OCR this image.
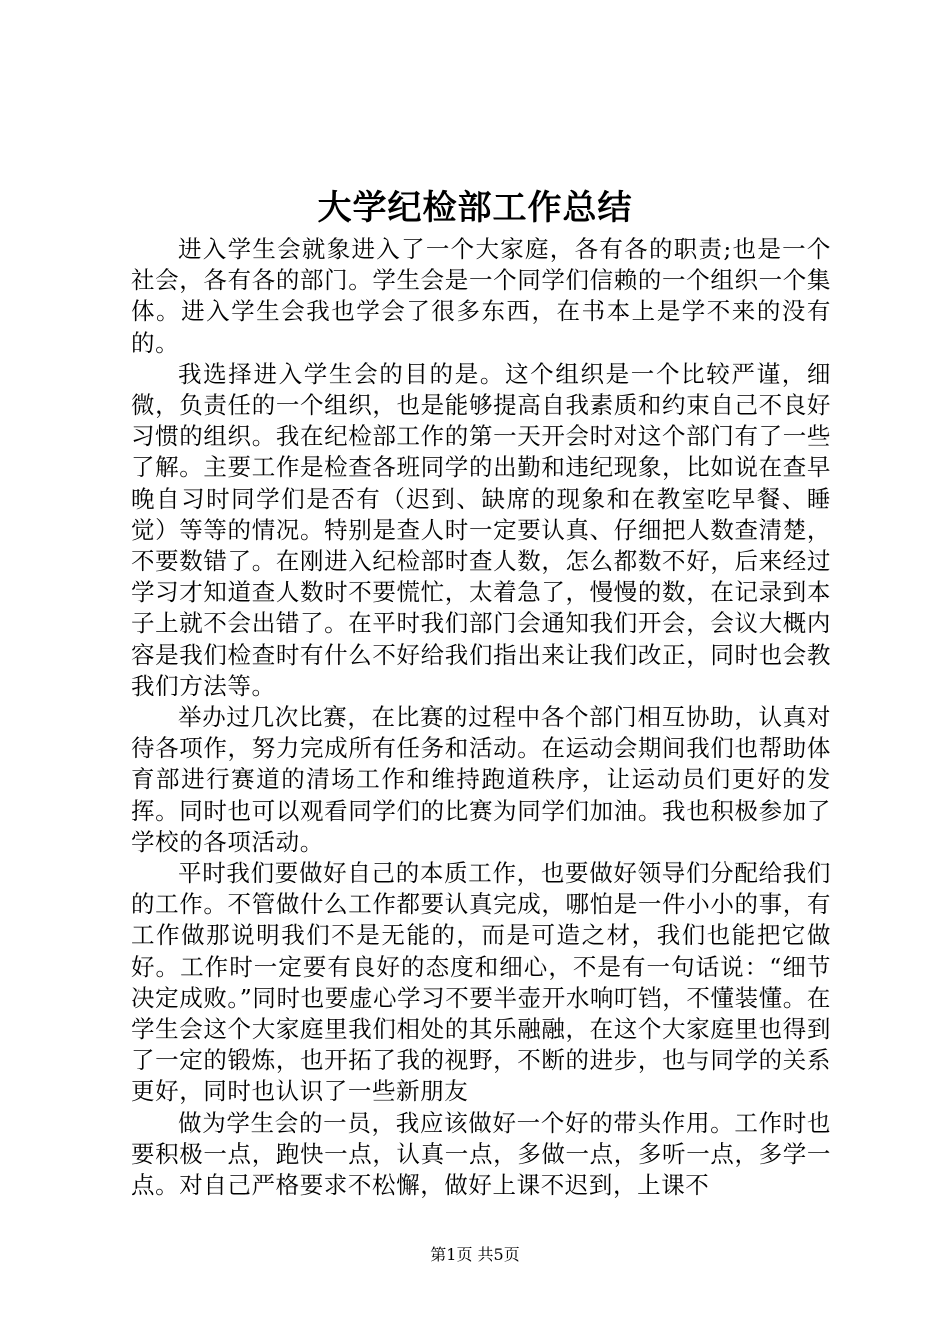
大学纪检部工作总结

进入学生会就象进入了一个大家庭，各有各的职责;也是一个社会，各有各的部门。学生会是一个同学们信赖的一个组织一个集体。进入学生会我也学会了很多东西，在书本上是学不来的没有的。

我选择进入学生会的目的是。这个组织是一个比较严谨，细微，负责任的一个组织，也是能够提高自我素质和约束自己不良好习惯的组织。我在纪检部工作的第一天开会时对这个部门有了一些了解。主要工作是检查各班同学的出勤和违纪现象，比如说在查早晚自习时同学们是否有（迟到、缺席的现象和在教室吃早餐、睡觉）等等的情况。特别是查人时一定要认真、仔细把人数查清楚，不要数错了。在刚进入纪检部时查人数，怎么都数不好，后来经过学习才知道查人数时不要慌忙，太着急了，慢慢的数，在记录到本子上就不会出错了。在平时我们部门会通知我们开会，会议大概内容是我们检查时有什么不好给我们指出来让我们改正，同时也会教我们方法等。

举办过几次比赛，在比赛的过程中各个部门相互协助，认真对待各项作，努力完成所有任务和活动。在运动会期间我们也帮助体育部进行赛道的清场工作和维持跑道秩序，让运动员们更好的发挥。同时也可以观看同学们的比赛为同学们加油。我也积极参加了学校的各项活动。

平时我们要做好自己的本质工作，也要做好领导们分配给我们的工作。不管做什么工作都要认真完成，哪怕是一件小小的事，有工作做那说明我们不是无能的，而是可造之材，我们也能把它做好。工作时一定要有良好的态度和细心，不是有一句话说：“细节决定成败。”同时也要虚心学习不要半壶开水响叮铛，不懂装懂。在学生会这个大家庭里我们相处的其乐融融，在这个大家庭里也得到了一定的锻炼，也开拓了我的视野，不断的进步，也与同学的关系更好，同时也认识了一些新朋友

做为学生会的一员，我应该做好一个好的带头作用。工作时也要积极一点，跑快一点，认真一点，多做一点，多听一点，多学一点。对自己严格要求不松懈，做好上课不迟到，上课不

第1页 共5页
